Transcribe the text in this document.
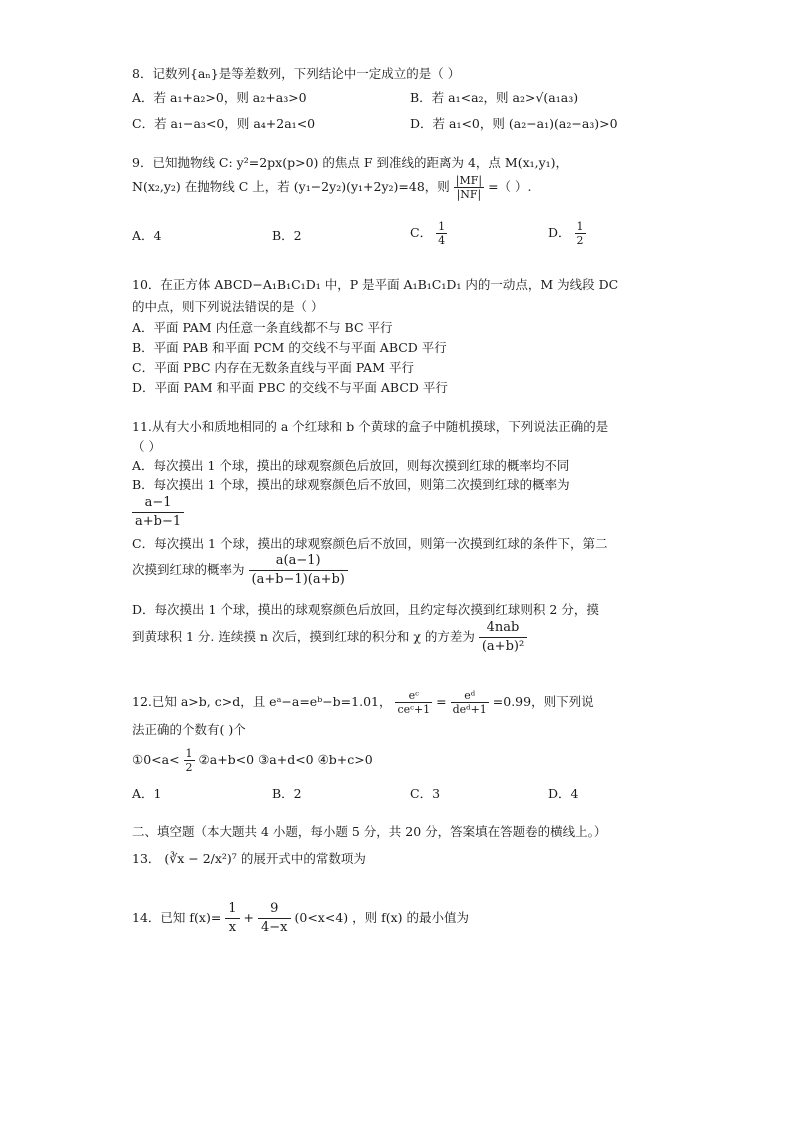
8．记数列{aₙ}是等差数列，下列结论中一定成立的是（ ）
A．若 a₁+a₂>0，则 a₂+a₃>0	B．若 a₁<a₂，则 a₂>√(a₁a₃)
C．若 a₁−a₃<0，则 a₄+2a₁<0	D．若 a₁<0，则 (a₂−a₁)(a₂−a₃)>0
9．已知抛物线 C: y²=2px(p>0) 的焦点 F 到准线的距离为 4，点 M(x₁,y₁)，
N(x₂,y₂) 在抛物线 C 上，若 (y₁−2y₂)(y₁+2y₂)=48，则 $\frac{|MF|}{|NF|}$ =（ ）.
A．4	B．2	C． $\frac{1}{4}$	D． $\frac{1}{2}$
10．在正方体 ABCD−A₁B₁C₁D₁ 中，P 是平面 A₁B₁C₁D₁ 内的一动点，M 为线段 DC
的中点，则下列说法错误的是（ ）
A．平面 PAM 内任意一条直线都不与 BC 平行
B．平面 PAB 和平面 PCM 的交线不与平面 ABCD 平行
C．平面 PBC 内存在无数条直线与平面 PAM 平行
D．平面 PAM 和平面 PBC 的交线不与平面 ABCD 平行
11.从有大小和质地相同的 a 个红球和 b 个黄球的盒子中随机摸球，下列说法正确的是
（ ）
A．每次摸出 1 个球，摸出的球观察颜色后放回，则每次摸到红球的概率均不同
B．每次摸出 1 个球，摸出的球观察颜色后不放回，则第二次摸到红球的概率为
$\frac{a-1}{a+b-1}$
C．每次摸出 1 个球，摸出的球观察颜色后不放回，则第一次摸到红球的条件下，第二
次摸到红球的概率为 $\frac{a(a-1)}{(a+b-1)(a+b)}$
D．每次摸出 1 个球，摸出的球观察颜色后放回，且约定每次摸到红球则积 2 分，摸
到黄球积 1 分. 连续摸 n 次后，摸到红球的积分和 χ 的方差为 $\frac{\text{4nab}}{\text{(a+b)²}}$
12.已知 a>b, c>d，且 eᵃ−a=eᵇ−b=1.01， $\frac{\text{eᶜ}}{\text{ceᶜ+1}} = \frac{\text{eᵈ}}{\text{deᵈ+1}} =0.99$，则下列说
法正确的个数有( )个
①0<a< $\frac{1}{2}$ ②a+b<0 ③a+d<0 ④b+c>0
A．1	B．2	C．3	D．4
二、填空题（本大题共 4 小题，每小题 5 分，共 20 分，答案填在答题卷的横线上。）
13． (∛x − 2/x²)⁷ 的展开式中的常数项为 ________________.
14．已知 $f(x)= \frac{1}{x} + \frac{9}{4-x} (0<x<4)$ ，则 f(x) 的最小值为 ____________.
